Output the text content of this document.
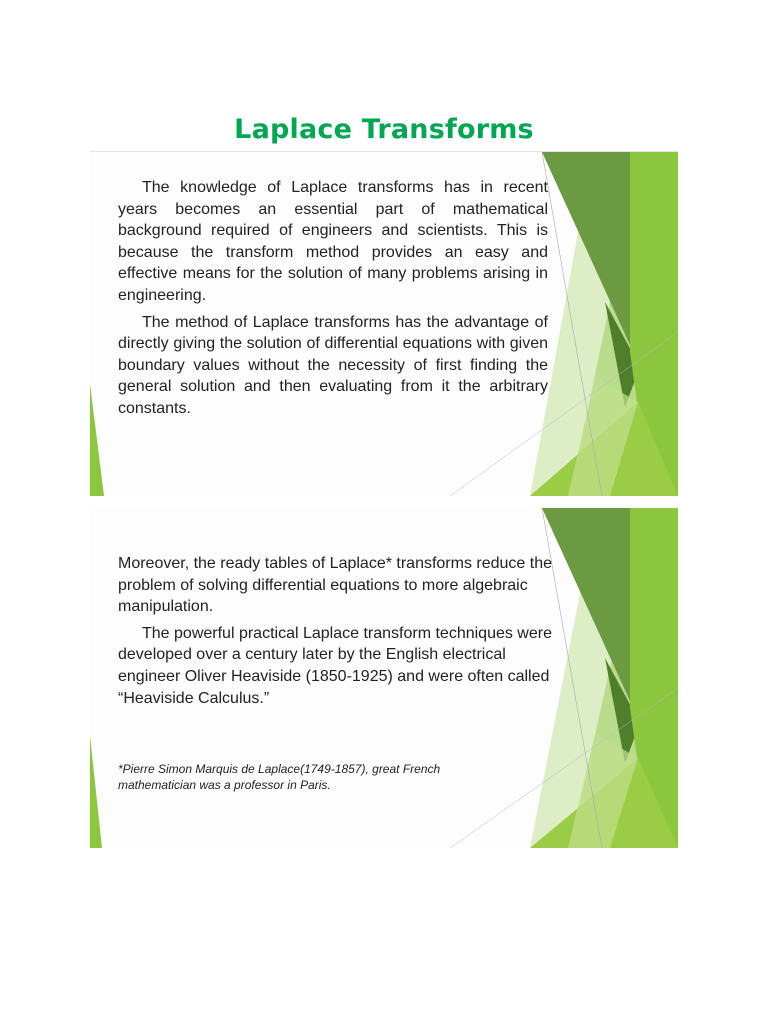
Laplace Transforms

The knowledge of Laplace transforms has in recent years becomes an essential part of mathematical background required of engineers and scientists. This is because the transform method provides an easy and effective means for the solution of many problems arising in engineering.

The method of Laplace transforms has the advantage of directly giving the solution of differential equations with given boundary values without the necessity of first finding the general solution and then evaluating from it the arbitrary constants.

Moreover, the ready tables of Laplace* transforms reduce the problem of solving differential equations to more algebraic manipulation.

The powerful practical Laplace transform techniques were developed over a century later by the English electrical engineer Oliver Heaviside (1850-1925) and were often called “Heaviside Calculus.”

*Pierre Simon Marquis de Laplace(1749-1857), great French mathematician was a professor in Paris.
